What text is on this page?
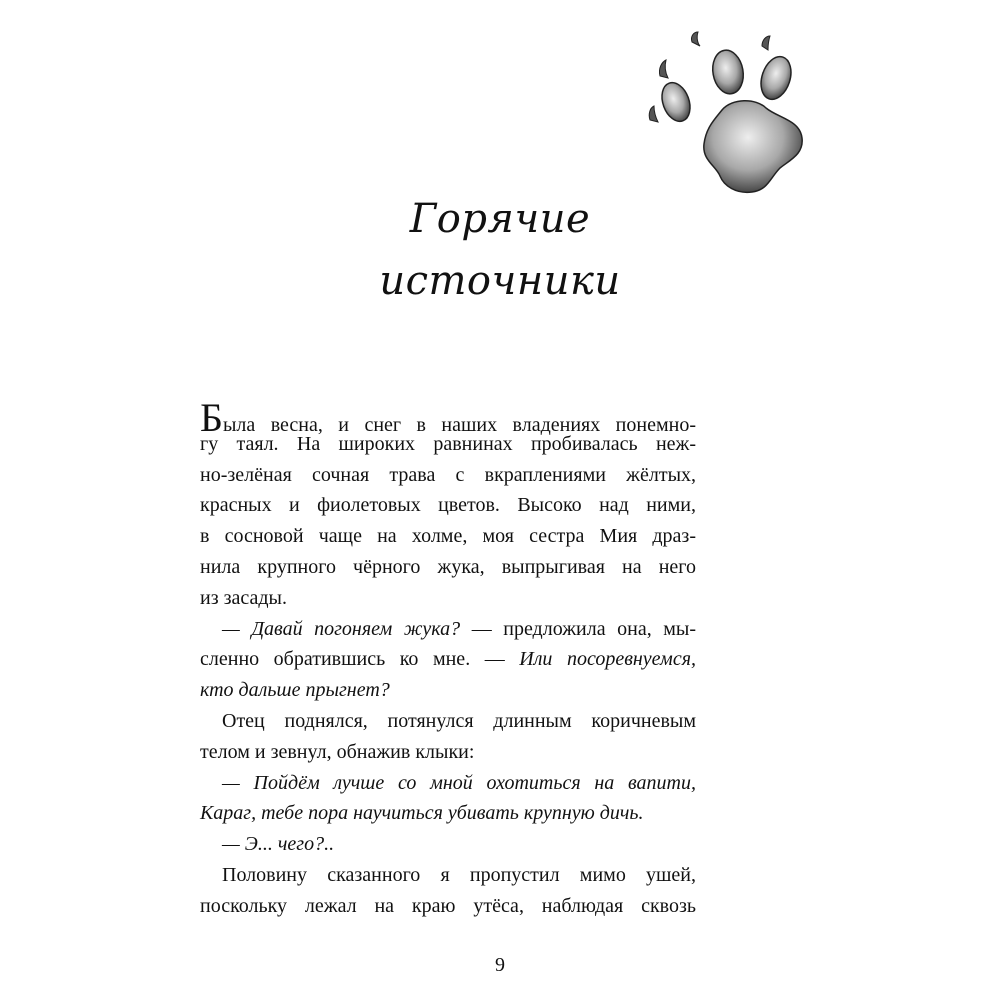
Горячие
источники
Была весна, и снег в наших владениях понемно-
гу таял. На широких равнинах пробивалась неж-
но-зелёная сочная трава с вкраплениями жёлтых,
красных и фиолетовых цветов. Высоко над ними,
в сосновой чаще на холме, моя сестра Мия драз-
нила крупного чёрного жука, выпрыгивая на него
из засады.
— Давай погоняем жука? — предложила она, мы-
сленно обратившись ко мне. — Или посоревнуемся,
кто дальше прыгнет?
Отец поднялся, потянулся длинным коричневым
телом и зевнул, обнажив клыки:
— Пойдём лучше со мной охотиться на вапити,
Караг, тебе пора научиться убивать крупную дичь.
— Э... чего?..
Половину сказанного я пропустил мимо ушей,
поскольку лежал на краю утёса, наблюдая сквозь
9
